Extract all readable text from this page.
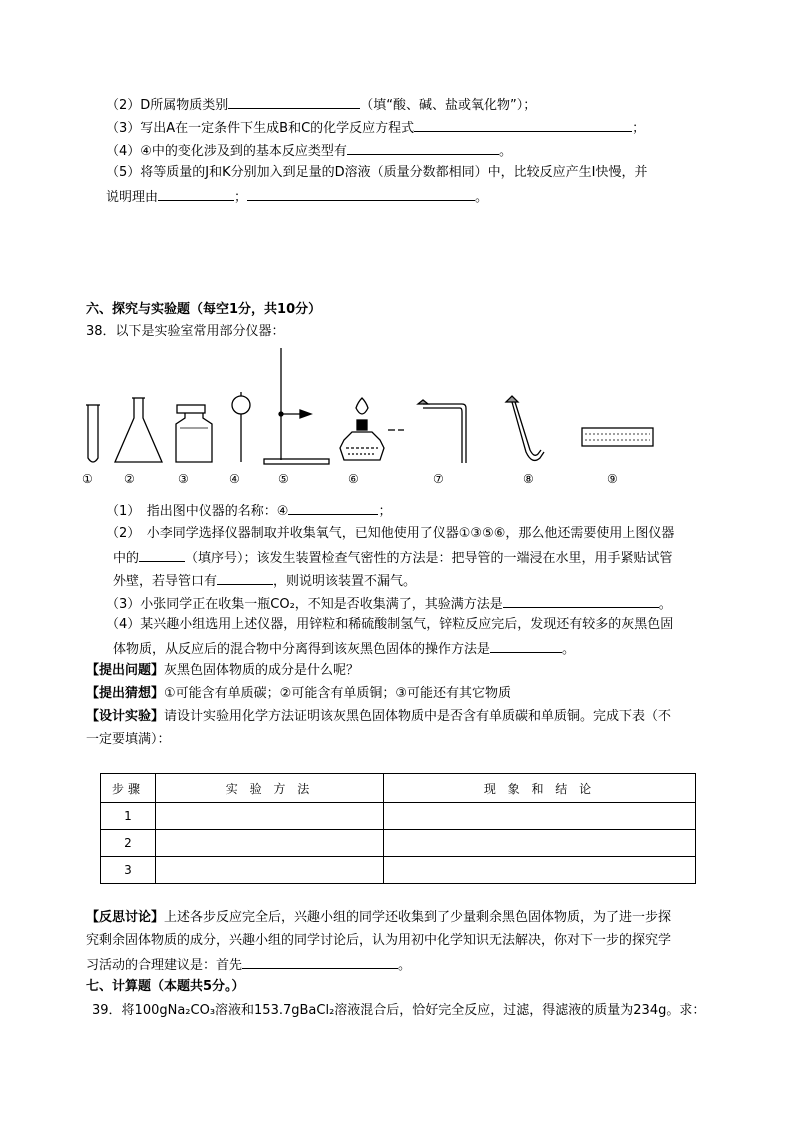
（2）D所属物质类别	（填“酸、碱、盐或氧化物”）；
（3）写出A在一定条件下生成B和C的化学反应方程式	；
（4）④中的变化涉及到的基本反应类型有	。
（5）将等质量的J和K分别加入到足量的D溶液（质量分数都相同）中，比较反应产生I快慢，并
说明理由	；	。
六、探究与实验题（每空1分，共10分）
38．以下是实验室常用部分仪器：
①	②	③	④	⑤	⑥	⑦	⑧	⑨
（1）　指出图中仪器的名称：④	；
（2）　小李同学选择仪器制取并收集氧气，已知他使用了仪器①③⑤⑥，那么他还需要使用上图仪器
中的	（填序号）；该发生装置检查气密性的方法是：把导管的一端浸在水里，用手紧贴试管
外壁，若导管口有	，则说明该装置不漏气。
（3）小张同学正在收集一瓶CO₂，不知是否收集满了，其验满方法是	。
（4）某兴趣小组选用上述仪器，用锌粒和稀硫酸制氢气，锌粒反应完后，发现还有较多的灰黑色固
体物质，从反应后的混合物中分离得到该灰黑色固体的操作方法是	。
【提出问题】灰黑色固体物质的成分是什么呢？
【提出猜想】①可能含有单质碳；②可能含有单质铜；③可能还有其它物质
【设计实验】请设计实验用化学方法证明该灰黑色固体物质中是否含有单质碳和单质铜。完成下表（不
一定要填满）：
步骤	实 验 方 法	现 象 和 结 论
1		
2		
3		
【反思讨论】上述各步反应完全后，兴趣小组的同学还收集到了少量剩余黑色固体物质，为了进一步探
究剩余固体物质的成分，兴趣小组的同学讨论后，认为用初中化学知识无法解决，你对下一步的探究学
习活动的合理建议是：首先	。
七、计算题（本题共5分。）
39．将100gNa₂CO₃溶液和153.7gBaCl₂溶液混合后，恰好完全反应，过滤，得滤液的质量为234g。求：
